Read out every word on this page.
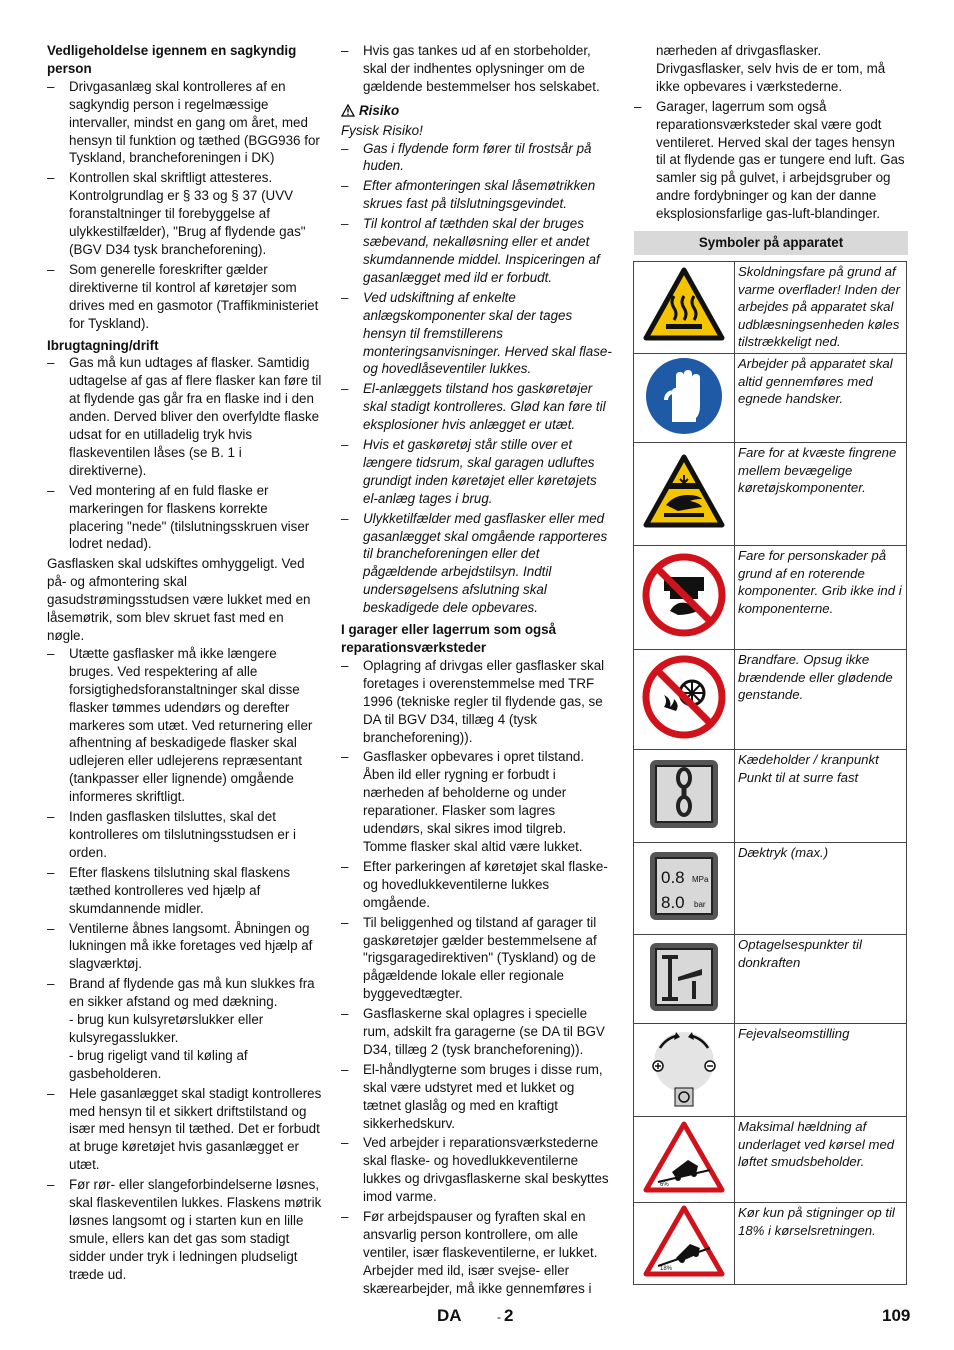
Vedligeholdelse igennem en sagkyndig person

– Drivgasanlæg skal kontrolleres af en sagkyndig person i regelmæssige intervaller, mindst en gang om året, med hensyn til funktion og tæthed (BGG936 for Tyskland, brancheforeningen i DK)

– Kontrollen skal skriftligt attesteres. Kontrolgrundlag er § 33 og § 37 (UVV foranstaltninger til forebyggelse af ulykkestilfælder), "Brug af flydende gas" (BGV D34 tysk brancheforening).

– Som generelle foreskrifter gælder direktiverne til kontrol af køretøjer som drives med en gasmotor (Traffikministeriet for Tyskland).

Ibrugtagning/drift

– Gas må kun udtages af flasker. Samtidig udtagelse af gas af flere flasker kan føre til at flydende gas går fra en flaske ind i den anden. Derved bliver den overfyldte flaske udsat for en utilladelig tryk hvis flaskeventilen låses (se B. 1 i direktiverne).

– Ved montering af en fuld flaske er markeringen for flaskens korrekte placering "nede" (tilslutningsskruen viser lodret nedad).

Gasflasken skal udskiftes omhyggeligt. Ved på- og afmontering skal gasudstrømingsstudsen være lukket med en låsemøtrik, som blev skruet fast med en nøgle.

– Utætte gasflasker må ikke længere bruges. Ved respektering af alle forsigtighedsforanstaltninger skal disse flasker tømmes udendørs og derefter markeres som utæt. Ved returnering eller afhentning af beskadigede flasker skal udlejeren eller udlejerens repræsentant (tankpasser eller lignende) omgående informeres skriftligt.

– Inden gasflasken tilsluttes, skal det kontrolleres om tilslutningsstudsen er i orden.

– Efter flaskens tilslutning skal flaskens tæthed kontrolleres ved hjælp af skumdannende midler.

– Ventilerne åbnes langsomt. Åbningen og lukningen må ikke foretages ved hjælp af slagværktøj.

– Brand af flydende gas må kun slukkes fra en sikker afstand og med dækning.

- brug kun kulsyretørslukker eller kulsyregasslukker.

- brug rigeligt vand til køling af gasbeholderen.

– Hele gasanlægget skal stadigt kontrolleres med hensyn til et sikkert driftstilstand og især med hensyn til tæthed. Det er forbudt at bruge køretøjet hvis gasanlægget er utæt.

– Før rør- eller slangeforbindelserne løsnes, skal flaskeventilen lukkes. Flaskens møtrik løsnes langsomt og i starten kun en lille smule, ellers kan det gas som stadigt sidder under tryk i ledningen pludseligt træde ud.

– Hvis gas tankes ud af en storbeholder, skal der indhentes oplysninger om de gældende bestemmelser hos selskabet.

Risiko

Fysisk Risiko!

– Gas i flydende form fører til frostsår på huden.

– Efter afmonteringen skal låsemøtrikken skrues fast på tilslutningsgevindet.

– Til kontrol af tæthden skal der bruges sæbevand, nekalløsning eller et andet skumdannende middel. Inspiceringen af gasanlægget med ild er forbudt.

– Ved udskiftning af enkelte anlægskomponenter skal der tages hensyn til fremstillerens monteringsanvisninger. Herved skal flase- og hovedlåseventiler lukkes.

– El-anlæggets tilstand hos gaskøretøjer skal stadigt kontrolleres. Glød kan føre til eksplosioner hvis anlægget er utæt.

– Hvis et gaskøretøj står stille over et længere tidsrum, skal garagen udluftes grundigt inden køretøjet eller køretøjets el-anlæg tages i brug.

– Ulykketilfælder med gasflasker eller med gasanlægget skal omgående rapporteres til brancheforeningen eller det pågældende arbejdstilsyn. Indtil undersøgelsens afslutning skal beskadigede dele opbevares.

I garager eller lagerrum som også reparationsværksteder

– Oplagring af drivgas eller gasflasker skal foretages i overenstemmelse med TRF 1996 (tekniske regler til flydende gas, se DA til BGV D34, tillæg 4 (tysk brancheforening)).

– Gasflasker opbevares i opret tilstand. Åben ild eller rygning er forbudt i nærheden af beholderne og under reparationer. Flasker som lagres udendørs, skal sikres imod tilgreb. Tomme flasker skal altid være lukket.

– Efter parkeringen af køretøjet skal flaske- og hovedlukkeventilerne lukkes omgående.

– Til beliggenhed og tilstand af garager til gaskøretøjer gælder bestemmelsene af "rigsgaragedirektiven" (Tyskland) og de pågældende lokale eller regionale byggevedtægter.

– Gasflaskerne skal oplagres i specielle rum, adskilt fra garagerne (se DA til BGV D34, tillæg 2 (tysk brancheforening)).

– El-håndlygterne som bruges i disse rum, skal være udstyret med et lukket og tætnet glaslåg og med en kraftigt sikkerhedskurv.

– Ved arbejder i reparationsværkstederne skal flaske- og hovedlukkeventilerne lukkes og drivgasflaskerne skal beskyttes imod varme.

– Før arbejdspauser og fyraften skal en ansvarlig person kontrollere, om alle ventiler, især flaskeventilerne, er lukket. Arbejder med ild, især svejse- eller skærearbejder, må ikke gennemføres i

nærheden af drivgasflasker. Drivgasflasker, selv hvis de er tom, må ikke opbevares i værkstederne.

– Garager, lagerrum som også reparationsværksteder skal være godt ventileret. Herved skal der tages hensyn til at flydende gas er tungere end luft. Gas samler sig på gulvet, i arbejdsgruber og andre fordybninger og kan der danne eksplosionsfarlige gas-luft-blandinger.

Symboler på apparatet
	Skoldningsfare på grund af varme overflader! Inden der arbejdes på apparatet skal udblæsningsenheden køles tilstrækkeligt ned.
	Arbejder på apparatet skal altid gennemføres med egnede handsker.
	Fare for at kvæste fingrene mellem bevægelige køretøjskomponenter.
	Fare for personskader på grund af en roterende komponenter. Grib ikke ind i komponenterne.
	Brandfare. Opsug ikke brændende eller glødende genstande.
	Kædeholder / kranpunkt Punkt til at surre fast

0.8 MPa
8.0 bar	Dæktryk (max.)
	Optagelsespunkter til donkraften
	Fejevalseomstilling

6%	Maksimal hældning af underlaget ved kørsel med løftet smudsbeholder.

18%	Kør kun på stigninger op til 18% i kørselsretningen.
DA	- 2	109
